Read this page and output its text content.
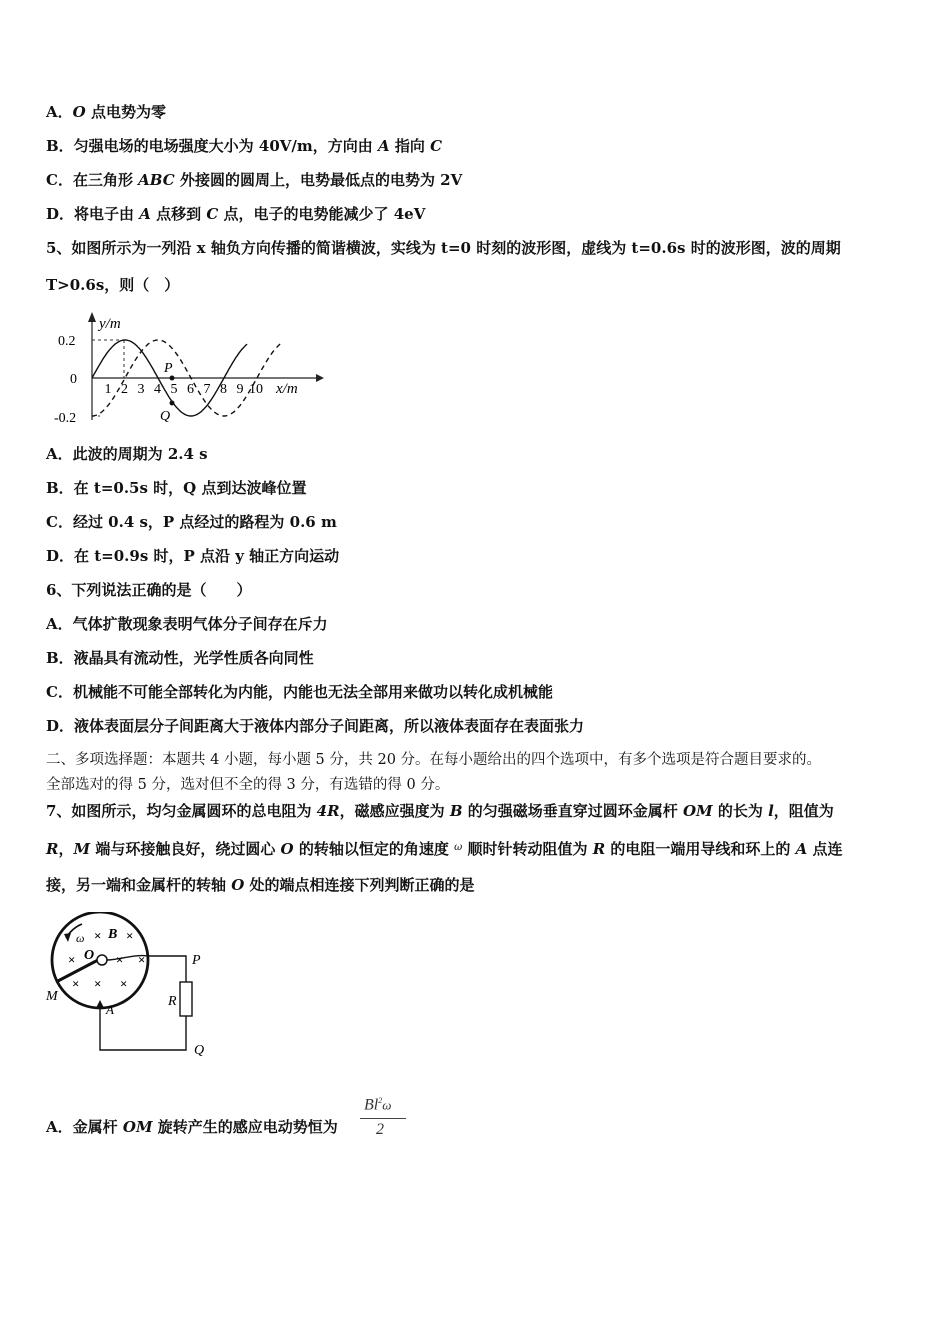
A．O 点电势为零
B．匀强电场的电场强度大小为 40V/m，方向由 A 指向 C
C．在三角形 ABC 外接圆的圆周上，电势最低点的电势为 2V
D．将电子由 A 点移到 C 点，电子的电势能减少了 4eV
5、如图所示为一列沿 x 轴负方向传播的简谐横波，实线为 t=0 时刻的波形图，虚线为 t=0.6s 时的波形图，波的周期
T>0.6s，则（　）
y/m
x/m
0.2
0
-0.2
1 2 3 4 5 6 7 8 9 10
P
Q
A．此波的周期为 2.4 s
B．在 t=0.5s 时，Q 点到达波峰位置
C．经过 0.4 s，P 点经过的路程为 0.6 m
D．在 t=0.9s 时，P 点沿 y 轴正方向运动
6、下列说法正确的是（　　）
A．气体扩散现象表明气体分子间存在斥力
B．液晶具有流动性，光学性质各向同性
C．机械能不可能全部转化为内能，内能也无法全部用来做功以转化成机械能
D．液体表面层分子间距离大于液体内部分子间距离，所以液体表面存在表面张力
二、多项选择题：本题共 4 小题，每小题 5 分，共 20 分。在每小题给出的四个选项中，有多个选项是符合题目要求的。
全部选对的得 5 分，选对但不全的得 3 分，有选错的得 0 分。
7、如图所示，均匀金属圆环的总电阻为 4R，磁感应强度为 B 的匀强磁场垂直穿过圆环金属杆 OM 的长为 l，阻值为
R，M 端与环接触良好，绕过圆心 O 的转轴以恒定的角速度 $^\omega$ 顺时针转动阻值为 R 的电阻一端用导线和环上的 A 点连
接，另一端和金属杆的转轴 O 处的端点相连接下列判断正确的是
ω B
O
M
A
P
Q
R
× ×
×	× ×
× × ×
A．金属杆 OM 旋转产生的感应电动势恒为
Bl$^2$ω
2
